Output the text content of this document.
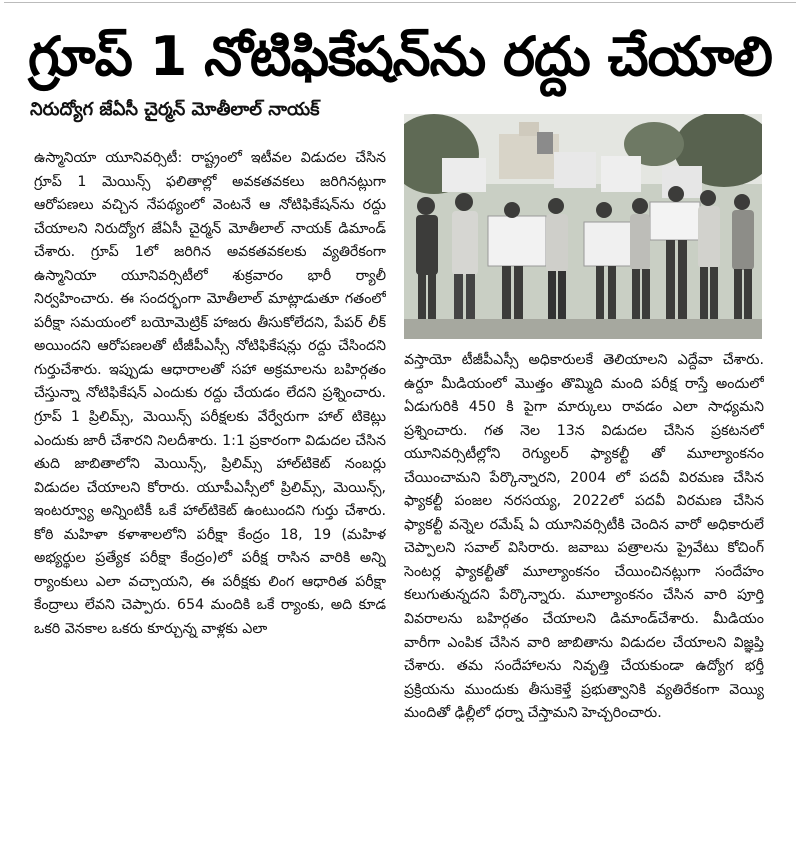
గ్రూప్ 1 నోటిఫికేషన్‌ను రద్దు చేయాలి
నిరుద్యోగ జేఏసీ చైర్మన్ మోతీలాల్ నాయక్

ఉస్మానియా యూనివర్సిటీ: రాష్ట్రంలో ఇటీవల విడుదల చేసిన గ్రూప్ 1 మెయిన్స్ ఫలితాల్లో అవకతవకలు జరిగినట్లుగా ఆరోపణలు వచ్చిన నేపథ్యంలో వెంటనే ఆ నోటిఫికేషన్‌ను రద్దు చేయాలని నిరుద్యోగ జేఏసీ చైర్మన్ మోతీలాల్ నాయక్ డిమాండ్ చేశారు. గ్రూప్ 1లో జరిగిన అవకతవకలకు వ్యతిరేకంగా ఉస్మానియా యూనివర్సిటీలో శుక్రవారం భారీ ర్యాలీ నిర్వహించారు. ఈ సందర్భంగా మోతీలాల్ మాట్లాడుతూ గతంలో పరీక్షా సమయంలో బయోమెట్రిక్ హాజరు తీసుకోలేదని, పేపర్ లీక్ అయిందని ఆరోపణలతో టీజీపీఎస్సీ నోటిఫికేషన్లు రద్దు చేసిందని గుర్తుచేశారు. ఇప్పుడు ఆధారాలతో సహా అక్రమాలను బహిర్గతం చేస్తున్నా నోటిఫికేషన్ ఎందుకు రద్దు చేయడం లేదని ప్రశ్నించారు. గ్రూప్ 1 ప్రిలిమ్స్, మెయిన్స్ పరీక్షలకు వేర్వేరుగా హాల్ టికెట్లు ఎందుకు జారీ చేశారని నిలదీశారు. 1:1 ప్రకారంగా విడుదల చేసిన తుది జాబితాలోని మెయిన్స్, ప్రిలిమ్స్ హాల్‌టికెట్ నంబర్లు విడుదల చేయాలని కోరారు. యూపీఎస్సీలో ప్రిలిమ్స్, మెయిన్స్, ఇంటర్వ్యూ అన్నింటికీ ఒకే హాల్‌టికెట్ ఉంటుందని గుర్తు చేశారు. కోఠి మహిళా కళాశాలలోని పరీక్షా కేంద్రం 18, 19 (మహిళ అభ్యర్థుల ప్రత్యేక పరీక్షా కేంద్రం)లో పరీక్ష రాసిన వారికి అన్ని ర్యాంకులు ఎలా వచ్చాయని, ఈ పరీక్షకు లింగ ఆధారిత పరీక్షా కేంద్రాలు లేవని చెప్పారు. 654 మందికి ఒకే ర్యాంకు, అది కూడ ఒకరి వెనకాల ఒకరు కూర్చున్న వాళ్లకు ఎలా

వస్తాయో టీజీపీఎస్సీ అధికారులకే తెలియాలని ఎద్దేవా చేశారు. ఉర్దూ మీడియంలో మొత్తం తొమ్మిది మంది పరీక్ష రాస్తే అందులో ఏడుగురికి 450 కి పైగా మార్కులు రావడం ఎలా సాధ్యమని ప్రశ్నించారు. గత నెల 13న విడుదల చేసిన ప్రకటనలో యూనివర్సిటీల్లోని రెగ్యులర్ ఫ్యాకల్టీ తో మూల్యాంకనం చేయించామని పేర్కొన్నారని, 2004 లో పదవీ విరమణ చేసిన ఫ్యాకల్టీ పంజల నరసయ్య, 2022లో పదవీ విరమణ చేసిన ఫ్యాకల్టీ వన్నెల రమేష్ ఏ యూనివర్సిటీకి చెందిన వారో అధికారులే చెప్పాలని సవాల్ విసిరారు. జవాబు పత్రాలను ప్రైవేటు కోచింగ్ సెంటర్ల ఫ్యాకల్టీతో మూల్యాంకనం చేయించినట్లుగా సందేహం కలుగుతున్నదని పేర్కొన్నారు. మూల్యాంకనం చేసిన వారి పూర్తి వివరాలను బహిర్గతం చేయాలని డిమాండ్‌చేశారు. మీడియం వారీగా ఎంపిక చేసిన వారి జాబితాను విడుదల చేయాలని విజ్ఞప్తి చేశారు. తమ సందేహాలను నివృత్తి చేయకుండా ఉద్యోగ భర్తీ ప్రక్రియను ముందుకు తీసుకెళ్తే ప్రభుత్వానికి వ్యతిరేకంగా వెయ్యి మందితో ఢిల్లీలో ధర్నా చేస్తామని హెచ్చరించారు.
